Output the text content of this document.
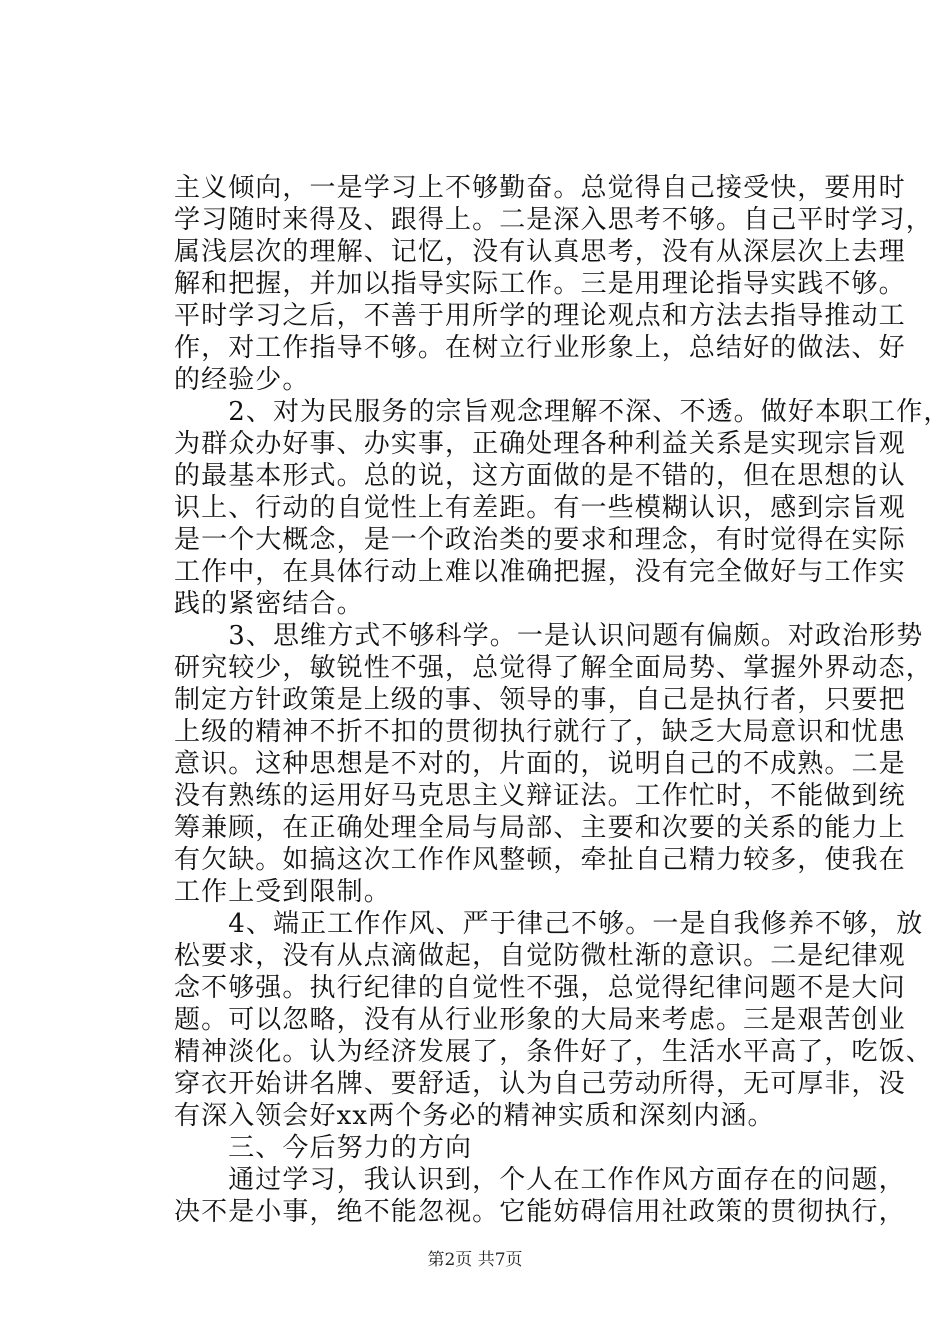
主义倾向，一是学习上不够勤奋。总觉得自己接受快，要用时
学习随时来得及、跟得上。二是深入思考不够。自己平时学习，
属浅层次的理解、记忆，没有认真思考，没有从深层次上去理
解和把握，并加以指导实际工作。三是用理论指导实践不够。
平时学习之后，不善于用所学的理论观点和方法去指导推动工
作，对工作指导不够。在树立行业形象上，总结好的做法、好
的经验少。
　　2、对为民服务的宗旨观念理解不深、不透。做好本职工作，
为群众办好事、办实事，正确处理各种利益关系是实现宗旨观
的最基本形式。总的说，这方面做的是不错的，但在思想的认
识上、行动的自觉性上有差距。有一些模糊认识，感到宗旨观
是一个大概念，是一个政治类的要求和理念，有时觉得在实际
工作中，在具体行动上难以准确把握，没有完全做好与工作实
践的紧密结合。
　　3、思维方式不够科学。一是认识问题有偏颇。对政治形势
研究较少，敏锐性不强，总觉得了解全面局势、掌握外界动态，
制定方针政策是上级的事、领导的事，自己是执行者，只要把
上级的精神不折不扣的贯彻执行就行了，缺乏大局意识和忧患
意识。这种思想是不对的，片面的，说明自己的不成熟。二是
没有熟练的运用好马克思主义辩证法。工作忙时，不能做到统
筹兼顾，在正确处理全局与局部、主要和次要的关系的能力上
有欠缺。如搞这次工作作风整顿，牵扯自己精力较多，使我在
工作上受到限制。
　　4、端正工作作风、严于律己不够。一是自我修养不够，放
松要求，没有从点滴做起，自觉防微杜渐的意识。二是纪律观
念不够强。执行纪律的自觉性不强，总觉得纪律问题不是大问
题。可以忽略，没有从行业形象的大局来考虑。三是艰苦创业
精神淡化。认为经济发展了，条件好了，生活水平高了，吃饭、
穿衣开始讲名牌、要舒适，认为自己劳动所得，无可厚非，没
有深入领会好xx两个务必的精神实质和深刻内涵。
　　三、今后努力的方向
　　通过学习，我认识到，个人在工作作风方面存在的问题，
决不是小事，绝不能忽视。它能妨碍信用社政策的贯彻执行，
第2页 共7页
